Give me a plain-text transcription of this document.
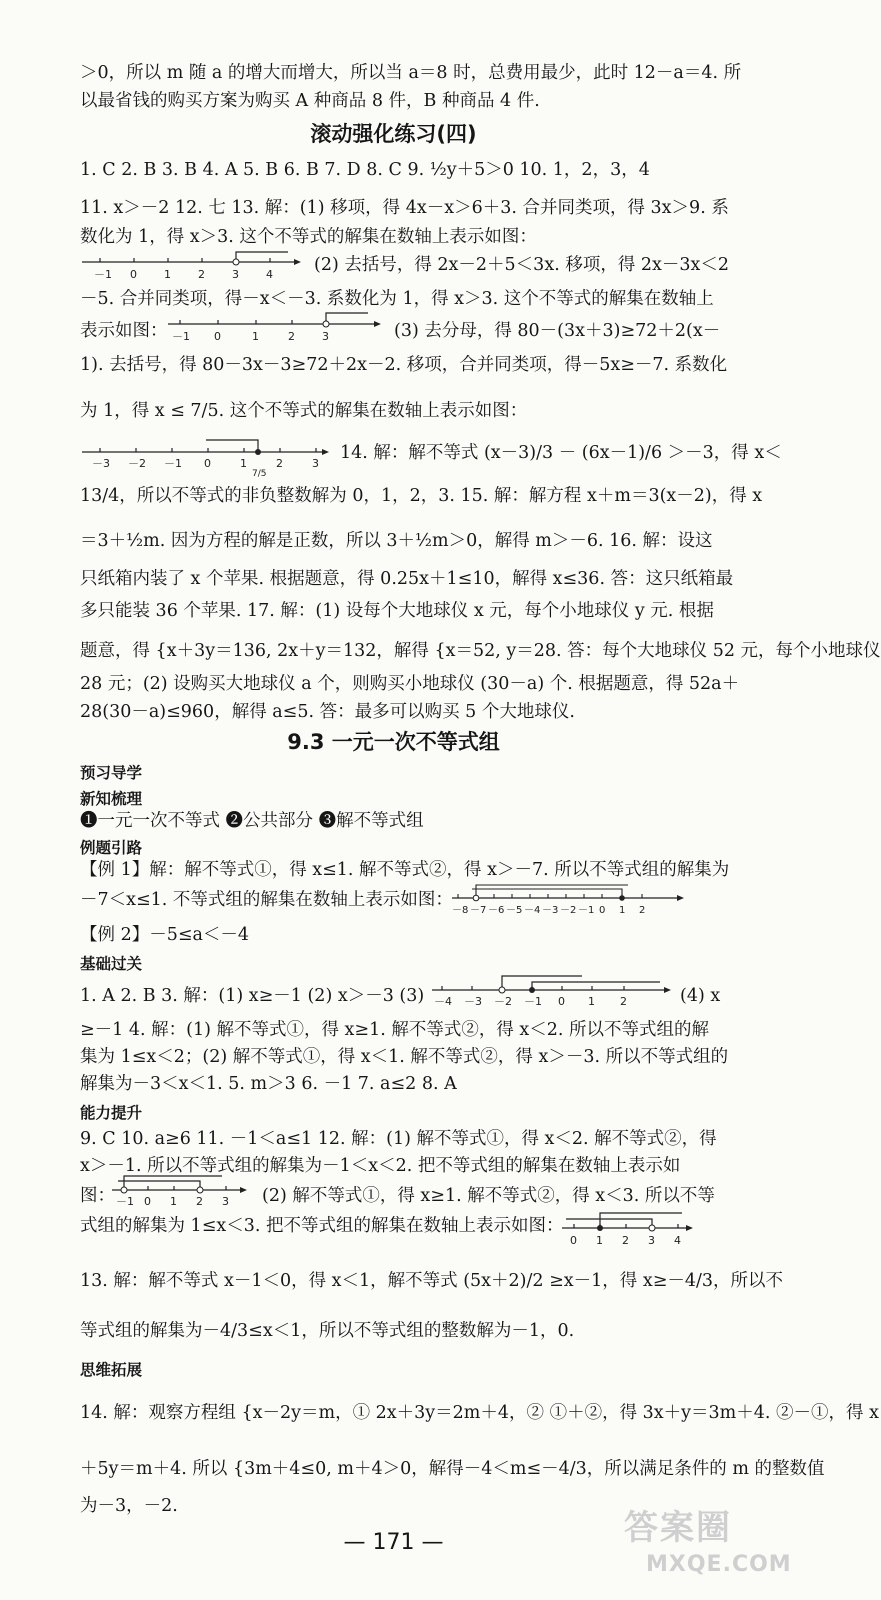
＞0，所以 m 随 a 的增大而增大，所以当 a＝8 时，总费用最少，此时 12－a＝4. 所
以最省钱的购买方案为购买 A 种商品 8 件，B 种商品 4 件.
滚动强化练习(四)
1. C 2. B 3. B 4. A 5. B 6. B 7. D 8. C 9. ½y＋5＞0 10. 1，2，3，4
11. x＞－2 12. 七 13. 解：(1) 移项，得 4x－x＞6＋3. 合并同类项，得 3x＞9. 系
数化为 1，得 x＞3. 这个不等式的解集在数轴上表示如图：
－1 0 1 2 3 4 (2) 去括号，得 2x－2＋5＜3x. 移项，得 2x－3x＜2
－5. 合并同类项，得－x＜－3. 系数化为 1，得 x＞3. 这个不等式的解集在数轴上
表示如图： －1 0	1	2 3	(3) 去分母，得 80－(3x＋3)≥72＋2(x－
1). 去括号，得 80－3x－3≥72＋2x－2. 移项，合并同类项，得－5x≥－7. 系数化
为 1，得 x ≤ 7/5. 这个不等式的解集在数轴上表示如图：
－3 －2 －1 0	1
7/5
2	3
14. 解：解不等式 (x－3)/3 － (6x－1)/6 ＞－3，得 x＜
13/4，所以不等式的非负整数解为 0，1，2，3. 15. 解：解方程 x＋m＝3(x－2)，得 x
＝3＋½m. 因为方程的解是正数，所以 3＋½m＞0，解得 m＞－6. 16. 解：设这
只纸箱内装了 x 个苹果. 根据题意，得 0.25x＋1≤10，解得 x≤36. 答：这只纸箱最
多只能装 36 个苹果. 17. 解：(1) 设每个大地球仪 x 元，每个小地球仪 y 元. 根据
题意，得 {x＋3y＝136, 2x＋y＝132，解得 {x＝52, y＝28. 答：每个大地球仪 52 元，每个小地球仪
28 元；(2) 设购买大地球仪 a 个，则购买小地球仪 (30－a) 个. 根据题意，得 52a＋
28(30－a)≤960，解得 a≤5. 答：最多可以购买 5 个大地球仪.
9.3 一元一次不等式组
预习导学
新知梳理
❶一元一次不等式 ❷公共部分 ❸解不等式组
例题引路
【例 1】解：解不等式①，得 x≤1. 解不等式②，得 x＞－7. 所以不等式组的解集为
－7＜x≤1. 不等式组的解集在数轴上表示如图：
－8 －7 －6 －5 －4 －3 －2 －1 0 1 2
【例 2】－5≤a＜－4
基础过关
1. A 2. B 3. 解：(1) x≥－1 (2) x＞－3 (3) －4 －3 －2 －1 0 1 2	(4) x
≥－1 4. 解：(1) 解不等式①，得 x≥1. 解不等式②，得 x＜2. 所以不等式组的解
集为 1≤x＜2；(2) 解不等式①，得 x＜1. 解不等式②，得 x＞－3. 所以不等式组的
解集为－3＜x＜1. 5. m＞3 6. －1 7. a≤2 8. A
能力提升
9. C 10. a≥6 11. －1＜a≤1 12. 解：(1) 解不等式①，得 x＜2. 解不等式②，得
x＞－1. 所以不等式组的解集为－1＜x＜2. 把不等式组的解集在数轴上表示如
图： －1 0 1 2 3 (2) 解不等式①，得 x≥1. 解不等式②，得 x＜3. 所以不等
式组的解集为 1≤x＜3. 把不等式组的解集在数轴上表示如图：
0 1 2 3 4
13. 解：解不等式 x－1＜0，得 x＜1，解不等式 (5x＋2)/2 ≥x－1，得 x≥－4/3，所以不
等式组的解集为－4/3≤x＜1，所以不等式组的整数解为－1，0.
思维拓展
14. 解：观察方程组 {x－2y＝m，① 2x＋3y＝2m＋4，② ①＋②，得 3x＋y＝3m＋4. ②－①，得 x
＋5y＝m＋4. 所以 {3m＋4≤0, m＋4＞0，解得－4＜m≤－4/3，所以满足条件的 m 的整数值
为－3，－2.
— 171 —	答案圈
MXQE.COM
